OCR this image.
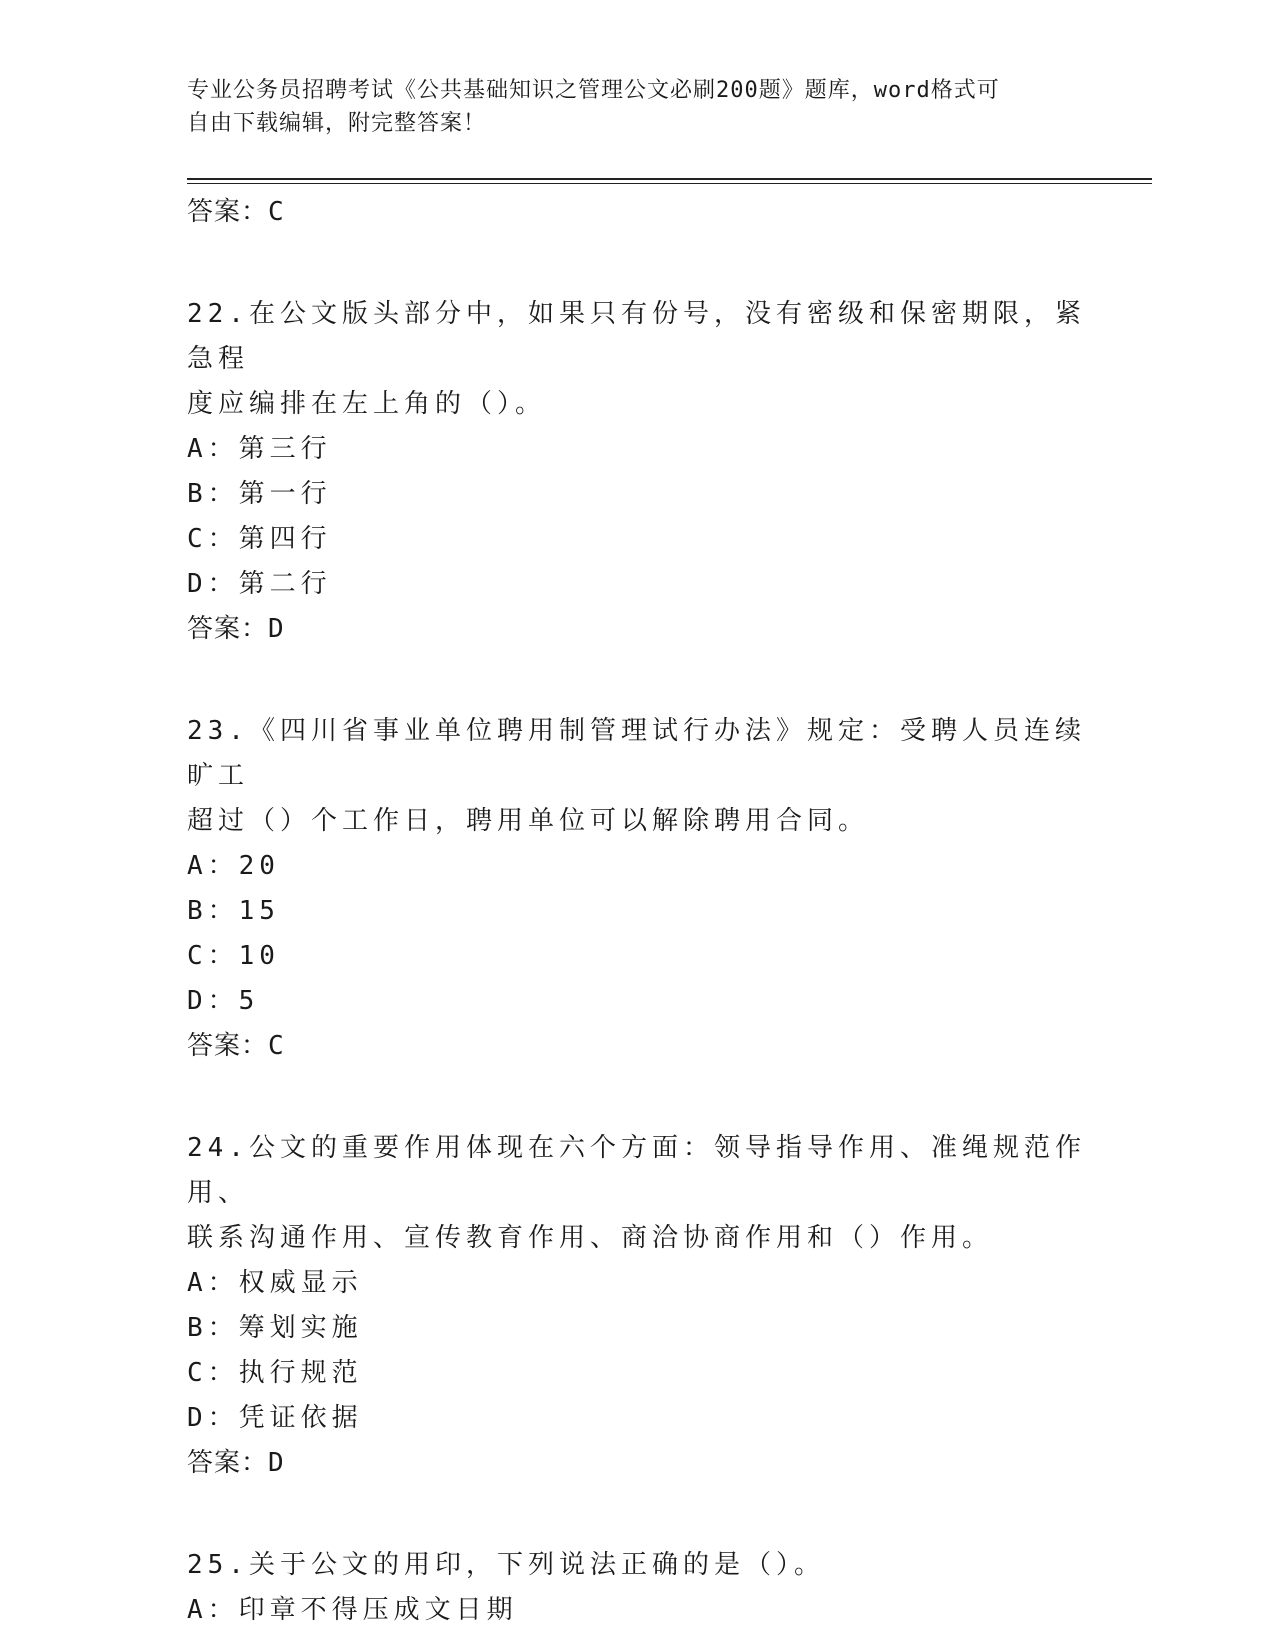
专业公务员招聘考试《公共基础知识之管理公文必刷200题》题库，word格式可
自由下载编辑，附完整答案！
答案：C
22.在公文版头部分中，如果只有份号，没有密级和保密期限，紧急程
度应编排在左上角的（）。
A：第三行
B：第一行
C：第四行
D：第二行
答案：D
23.《四川省事业单位聘用制管理试行办法》规定：受聘人员连续旷工
超过（）个工作日，聘用单位可以解除聘用合同。
A：20
B：15
C：10
D：5
答案：C
24.公文的重要作用体现在六个方面：领导指导作用、准绳规范作用、
联系沟通作用、宣传教育作用、商洽协商作用和（）作用。
A：权威显示
B：筹划实施
C：执行规范
D：凭证依据
答案：D
25.关于公文的用印，下列说法正确的是（）。
A：印章不得压成文日期
